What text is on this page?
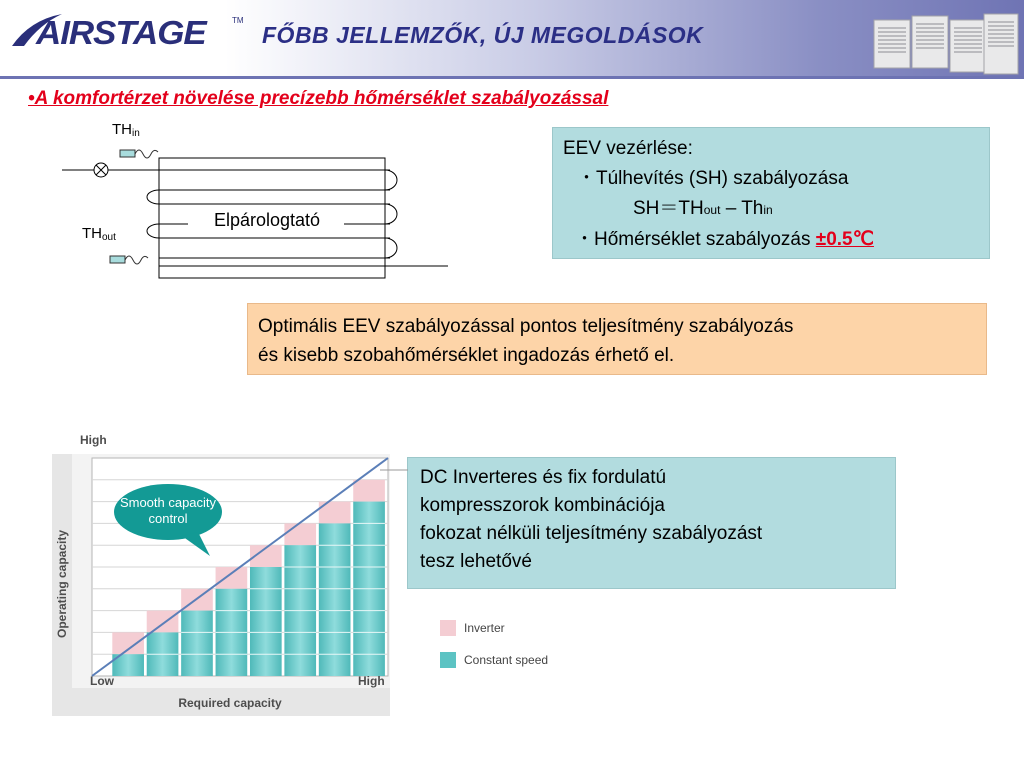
AIRSTAGE	TM
FŐBB JELLEMZŐK, ÚJ MEGOLDÁSOK
•A komfortérzet növelése precízebb hőmérséklet szabályozással
THin
THout
Elpárologtató
EEV vezérlése:
・Túlhevítés (SH) szabályozása
SH＝THout – Thin
・Hőmérséklet szabályozás ±0.5℃
Optimális EEV szabályozással pontos teljesítmény szabályozás
és kisebb szobahőmérséklet ingadozás érhető el.
Smooth capacity
control
High
Low	High
Required capacity
Operating capacity
DC Inverteres és fix fordulatú
kompresszorok kombinációja
fokozat nélküli teljesítmény szabályozást
tesz lehetővé
Inverter
Constant speed
